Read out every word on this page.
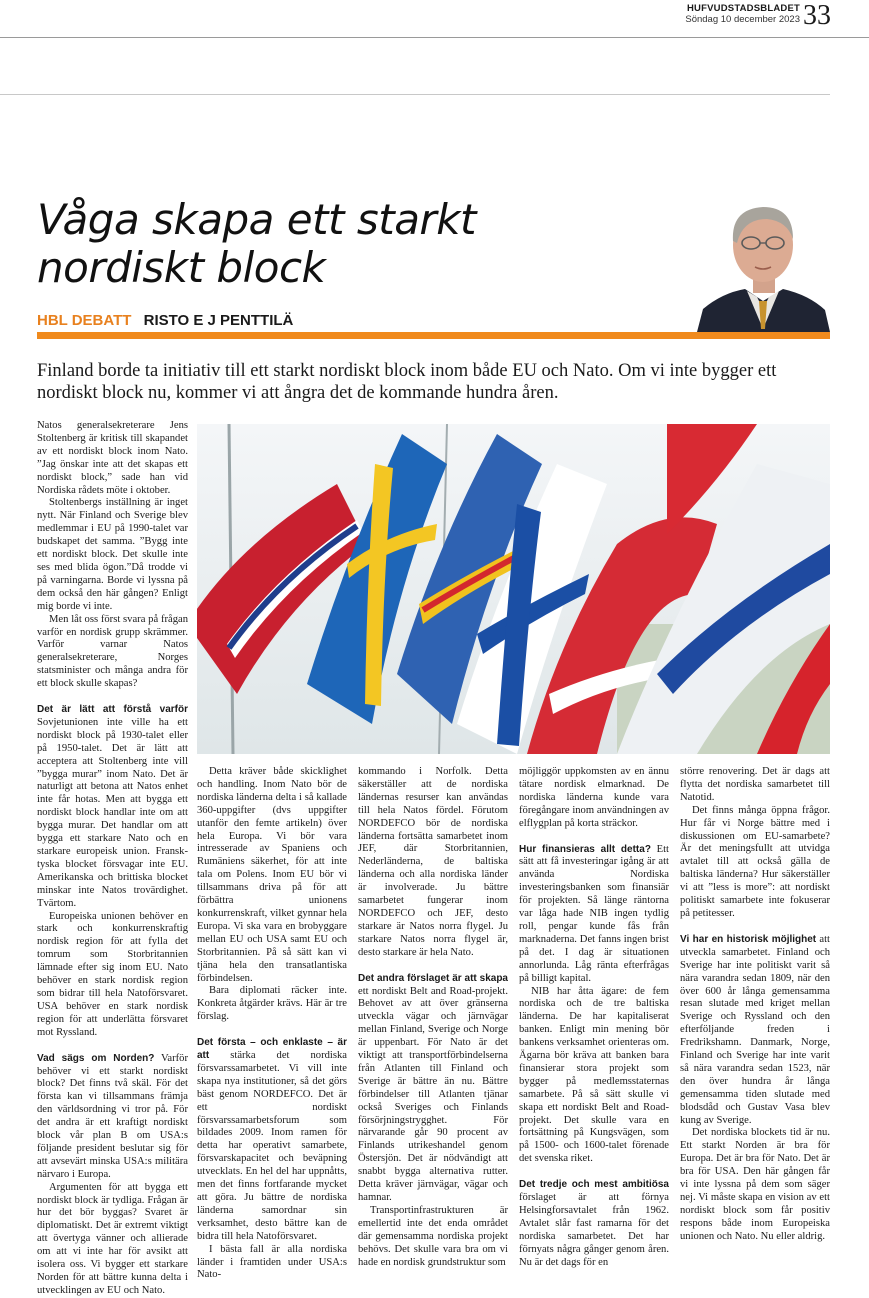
HUFVUDSTADSBLADET
Söndag 10 december 2023 33
Våga skapa ett starkt
nordiskt block
HBL DEBATT RISTO E J PENTTILÄ

Finland borde ta initiativ till ett starkt nordiskt block inom både EU och Nato. Om vi inte bygger ett nordiskt block nu, kommer vi att ångra det de kommande hundra åren.

Natos generalsekreterare Jens Stoltenberg är kritisk till skapandet av ett nordiskt block inom Nato. ”Jag önskar inte att det skapas ett nordiskt block,” sade han vid Nordiska rådets möte i oktober.

Stoltenbergs inställning är inget nytt. När Finland och Sverige blev medlemmar i EU på 1990-talet var budskapet det samma. ”Bygg inte ett nordiskt block. Det skulle inte ses med blida ögon.”Då trodde vi på varningarna. Borde vi lyssna på dem också den här gången? Enligt mig borde vi inte.

Men låt oss först svara på frågan varför en nordisk grupp skrämmer. Varför varnar Natos generalsekreterare, Norges statsminister och många andra för ett block skulle skapas?

Det är lätt att förstå varför Sovjetunionen inte ville ha ett nordiskt block på 1930-talet eller på 1950-talet. Det är lätt att acceptera att Stoltenberg inte vill ”bygga murar” inom Nato. Det är naturligt att betona att Natos enhet inte får hotas. Men att bygga ett nordiskt block handlar inte om att bygga murar. Det handlar om att bygga ett starkare Nato och en starkare europeisk union. Fransk-tyska blocket försvagar inte EU. Amerikanska och brittiska blocket minskar inte Natos trovärdighet. Tvärtom.

Europeiska unionen behöver en stark och konkurrenskraftig nordisk region för att fylla det tomrum som Storbritannien lämnade efter sig inom EU. Nato behöver en stark nordisk region som bidrar till hela Natoförsvaret. USA behöver en stark nordisk region för att underlätta försvaret mot Ryssland.

Vad sägs om Norden? Varför behöver vi ett starkt nordiskt block? Det finns två skäl. För det första kan vi tillsammans främja den världsordning vi tror på. För det andra är ett kraftigt nordiskt block vår plan B om USA:s följande president beslutar sig för att avsevärt minska USA:s militära närvaro i Europa.

Argumenten för att bygga ett nordiskt block är tydliga. Frågan är hur det bör byggas? Svaret är diplomatiskt. Det är extremt viktigt att övertyga vänner och allierade om att vi inte har för avsikt att isolera oss. Vi bygger ett starkare Norden för att bättre kunna delta i utvecklingen av EU och Nato.

Detta kräver både skicklighet och handling. Inom Nato bör de nordiska länderna delta i så kallade 360-uppgifter (dvs uppgifter utanför den femte artikeln) över hela Europa. Vi bör vara intresserade av Spaniens och Rumäniens säkerhet, för att inte tala om Polens. Inom EU bör vi tillsammans driva på för att förbättra unionens konkurrenskraft, vilket gynnar hela Europa. Vi ska vara en brobyggare mellan EU och USA samt EU och Storbritannien. På så sätt kan vi tjäna hela den transatlantiska förbindelsen.

Bara diplomati räcker inte. Konkreta åtgärder krävs. Här är tre förslag.

Det första – och enklaste – är att stärka det nordiska försvarssamarbetet. Vi vill inte skapa nya institutioner, så det görs bäst genom NORDEFCO. Det är ett nordiskt försvarssamarbetsforum som bildades 2009. Inom ramen för detta har operativt samarbete, försvarskapacitet och beväpning utvecklats. En hel del har uppnåtts, men det finns fortfarande mycket att göra. Ju bättre de nordiska länderna samordnar sin verksamhet, desto bättre kan de bidra till hela Natoförsvaret.

I bästa fall är alla nordiska länder i framtiden under USA:s Nato-

kommando i Norfolk. Detta säkerställer att de nordiska ländernas resurser kan användas till hela Natos fördel. Förutom NORDEFCO bör de nordiska länderna fortsätta samarbetet inom JEF, där Storbritannien, Nederländerna, de baltiska länderna och alla nordiska länder är involverade. Ju bättre samarbetet fungerar inom NORDEFCO och JEF, desto starkare är Natos norra flygel. Ju starkare Natos norra flygel är, desto starkare är hela Nato.

Det andra förslaget är att skapa ett nordiskt Belt and Road-projekt. Behovet av att över gränserna utveckla vägar och järnvägar mellan Finland, Sverige och Norge är uppenbart. För Nato är det viktigt att transportförbindelserna från Atlanten till Finland och Sverige är bättre än nu. Bättre förbindelser till Atlanten tjänar också Sveriges och Finlands försörjningstrygghet. För närvarande går 90 procent av Finlands utrikeshandel genom Östersjön. Det är nödvändigt att snabbt bygga alternativa rutter. Detta kräver järnvägar, vägar och hamnar.

Transportinfrastrukturen är emellertid inte det enda området där gemensamma nordiska projekt behövs. Det skulle vara bra om vi hade en nordisk grundstruktur som

möjliggör uppkomsten av en ännu tätare nordisk elmarknad. De nordiska länderna kunde vara föregångare inom användningen av elflygplan på korta sträckor.

Hur finansieras allt detta? Ett sätt att få investeringar igång är att använda Nordiska investeringsbanken som finansiär för projekten. Så länge räntorna var låga hade NIB ingen tydlig roll, pengar kunde fås från marknaderna. Det fanns ingen brist på det. I dag är situationen annorlunda. Låg ränta efterfrågas på billigt kapital.

NIB har åtta ägare: de fem nordiska och de tre baltiska länderna. De har kapitaliserat banken. Enligt min mening bör bankens verksamhet orienteras om. Ägarna bör kräva att banken bara finansierar stora projekt som bygger på medlemsstaternas samarbete. På så sätt skulle vi skapa ett nordiskt Belt and Road-projekt. Det skulle vara en fortsättning på Kungsvägen, som på 1500- och 1600-talet förenade det svenska riket.

Det tredje och mest ambitiösa förslaget är att förnya Helsingforsavtalet från 1962. Avtalet slår fast ramarna för det nordiska samarbetet. Det har förnyats några gånger genom åren. Nu är det dags för en

större renovering. Det är dags att flytta det nordiska samarbetet till Natotid.

Det finns många öppna frågor. Hur får vi Norge bättre med i diskussionen om EU-samarbete? Är det meningsfullt att utvidga avtalet till att också gälla de baltiska länderna? Hur säkerställer vi att ”less is more”: att nordiskt politiskt samarbete inte fokuserar på petitesser.

Vi har en historisk möjlighet att utveckla samarbetet. Finland och Sverige har inte politiskt varit så nära varandra sedan 1809, när den över 600 år långa gemensamma resan slutade med kriget mellan Sverige och Ryssland och den efterföljande freden i Fredrikshamn. Danmark, Norge, Finland och Sverige har inte varit så nära varandra sedan 1523, när den över hundra år långa gemensamma tiden slutade med blodsdåd och Gustav Vasa blev kung av Sverige.

Det nordiska blockets tid är nu. Ett starkt Norden är bra för Europa. Det är bra för Nato. Det är bra för USA. Den här gången får vi inte lyssna på dem som säger nej. Vi måste skapa en vision av ett nordiskt block som får positiv respons både inom Europeiska unionen och Nato. Nu eller aldrig.
